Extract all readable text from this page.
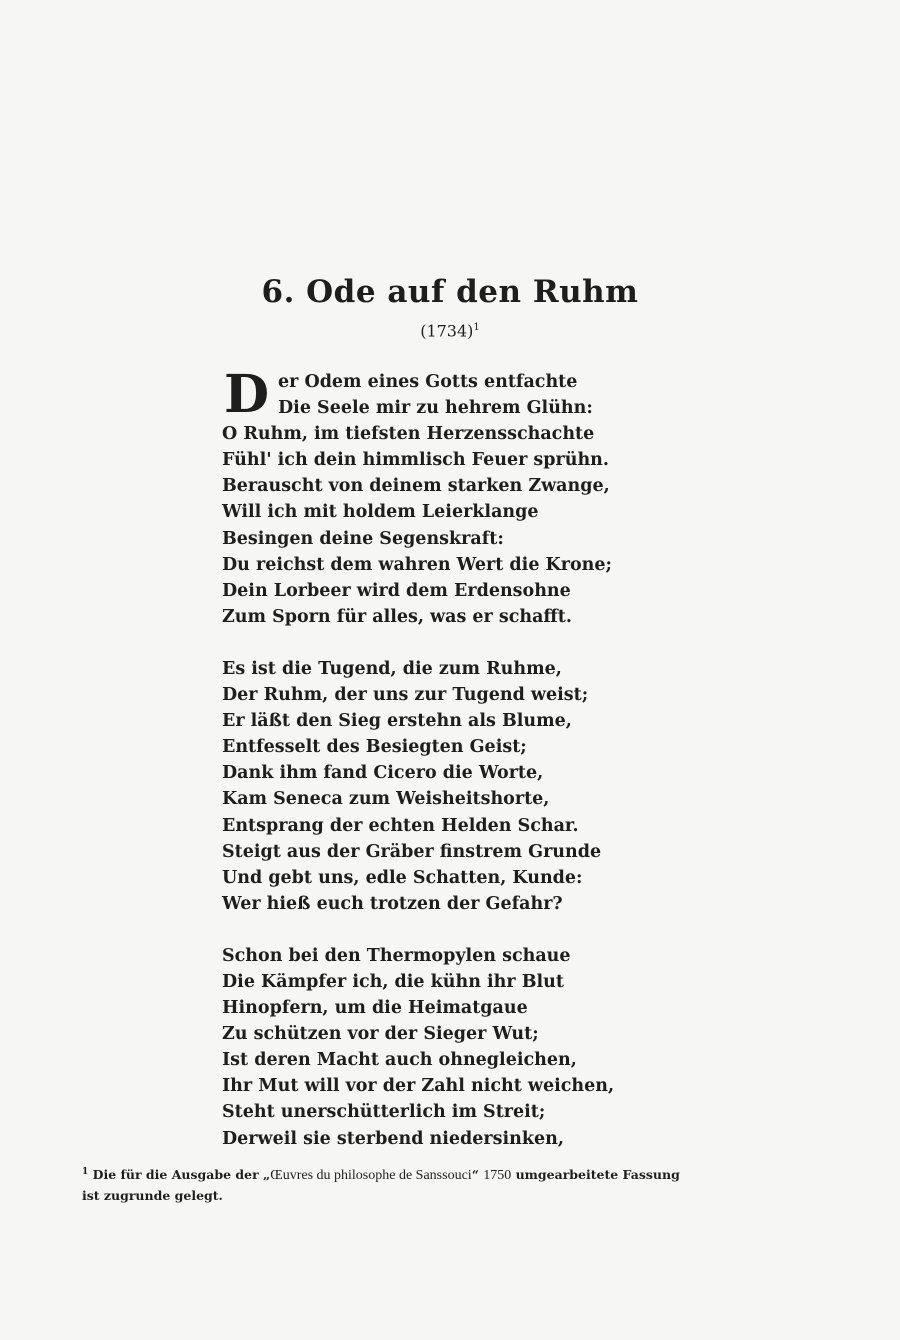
6. Ode auf den Ruhm
$(1734)^1$
D er Odem eines Gotts entfachte
Die Seele mir zu hehrem Glühn:
O Ruhm, im tiefsten Herzensschachte
Fühl' ich dein himmlisch Feuer sprühn.
Berauscht von deinem starken Zwange,
Will ich mit holdem Leierklange
Besingen deine Segenskraft:
Du reichst dem wahren Wert die Krone;
Dein Lorbeer wird dem Erdensohne
Zum Sporn für alles, was er schafft.
Es ist die Tugend, die zum Ruhme,
Der Ruhm, der uns zur Tugend weist;
Er läßt den Sieg erstehn als Blume,
Entfesselt des Besiegten Geist;
Dank ihm fand Cicero die Worte,
Kam Seneca zum Weisheitshorte,
Entsprang der echten Helden Schar.
Steigt aus der Gräber finstrem Grunde
Und gebt uns, edle Schatten, Kunde:
Wer hieß euch trotzen der Gefahr?
Schon bei den Thermopylen schaue
Die Kämpfer ich, die kühn ihr Blut
Hinopfern, um die Heimatgaue
Zu schützen vor der Sieger Wut;
Ist deren Macht auch ohnegleichen,
Ihr Mut will vor der Zahl nicht weichen,
Steht unerschütterlich im Streit;
Derweil sie sterbend niedersinken,
$^1$ Die für die Ausgabe der „Œuvres du philosophe de Sanssouci“ 1750 umgearbeitete Fassung
ist zugrunde gelegt.
